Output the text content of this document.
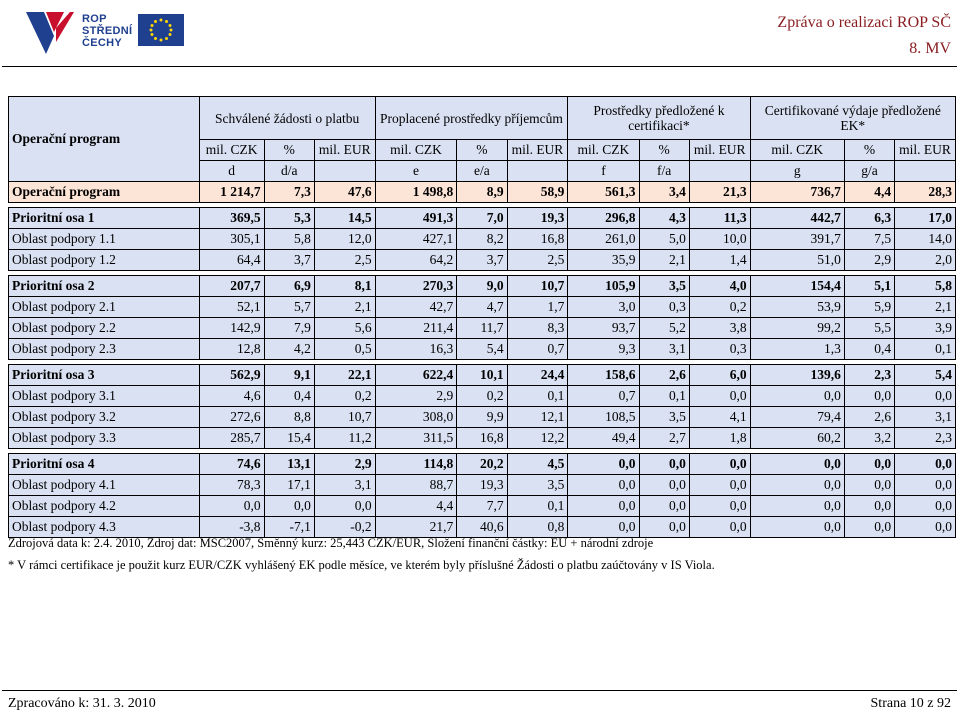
ROP
STŘEDNÍ
ČECHY
Zpráva o realizaci ROP SČ
8. MV
Operační program	Schválené žádosti o platbu			Proplacené prostředky příjemcům			Prostředky předložené k certifikaci*			Certifikované výdaje předložené EK*		
	mil. CZK	%	mil. EUR	mil. CZK	%	mil. EUR	mil. CZK	%	mil. EUR	mil. CZK	%	mil. EUR
	d	d/a		e	e/a		f	f/a		g	g/a	
Operační program	1 214,7	7,3	47,6	1 498,8	8,9	58,9	561,3	3,4	21,3	736,7	4,4	28,3

Prioritní osa 1	369,5	5,3	14,5	491,3	7,0	19,3	296,8	4,3	11,3	442,7	6,3	17,0
Oblast podpory 1.1	305,1	5,8	12,0	427,1	8,2	16,8	261,0	5,0	10,0	391,7	7,5	14,0
Oblast podpory 1.2	64,4	3,7	2,5	64,2	3,7	2,5	35,9	2,1	1,4	51,0	2,9	2,0

Prioritní osa 2	207,7	6,9	8,1	270,3	9,0	10,7	105,9	3,5	4,0	154,4	5,1	5,8
Oblast podpory 2.1	52,1	5,7	2,1	42,7	4,7	1,7	3,0	0,3	0,2	53,9	5,9	2,1
Oblast podpory 2.2	142,9	7,9	5,6	211,4	11,7	8,3	93,7	5,2	3,8	99,2	5,5	3,9
Oblast podpory 2.3	12,8	4,2	0,5	16,3	5,4	0,7	9,3	3,1	0,3	1,3	0,4	0,1

Prioritní osa 3	562,9	9,1	22,1	622,4	10,1	24,4	158,6	2,6	6,0	139,6	2,3	5,4
Oblast podpory 3.1	4,6	0,4	0,2	2,9	0,2	0,1	0,7	0,1	0,0	0,0	0,0	0,0
Oblast podpory 3.2	272,6	8,8	10,7	308,0	9,9	12,1	108,5	3,5	4,1	79,4	2,6	3,1
Oblast podpory 3.3	285,7	15,4	11,2	311,5	16,8	12,2	49,4	2,7	1,8	60,2	3,2	2,3

Prioritní osa 4	74,6	13,1	2,9	114,8	20,2	4,5	0,0	0,0	0,0	0,0	0,0	0,0
Oblast podpory 4.1	78,3	17,1	3,1	88,7	19,3	3,5	0,0	0,0	0,0	0,0	0,0	0,0
Oblast podpory 4.2	0,0	0,0	0,0	4,4	7,7	0,1	0,0	0,0	0,0	0,0	0,0	0,0
Oblast podpory 4.3	-3,8	-7,1	-0,2	21,7	40,6	0,8	0,0	0,0	0,0	0,0	0,0	0,0
Zdrojová data k: 2.4. 2010, Zdroj dat: MSC2007, Směnný kurz: 25,443 CZK/EUR, Složení finanční částky: EU + národní zdroje
* V rámci certifikace je použit kurz EUR/CZK vyhlášený EK podle měsíce, ve kterém byly příslušné Žádosti o platbu zaúčtovány v IS Viola.
Zpracováno k: 31. 3. 2010	Strana 10 z 92
